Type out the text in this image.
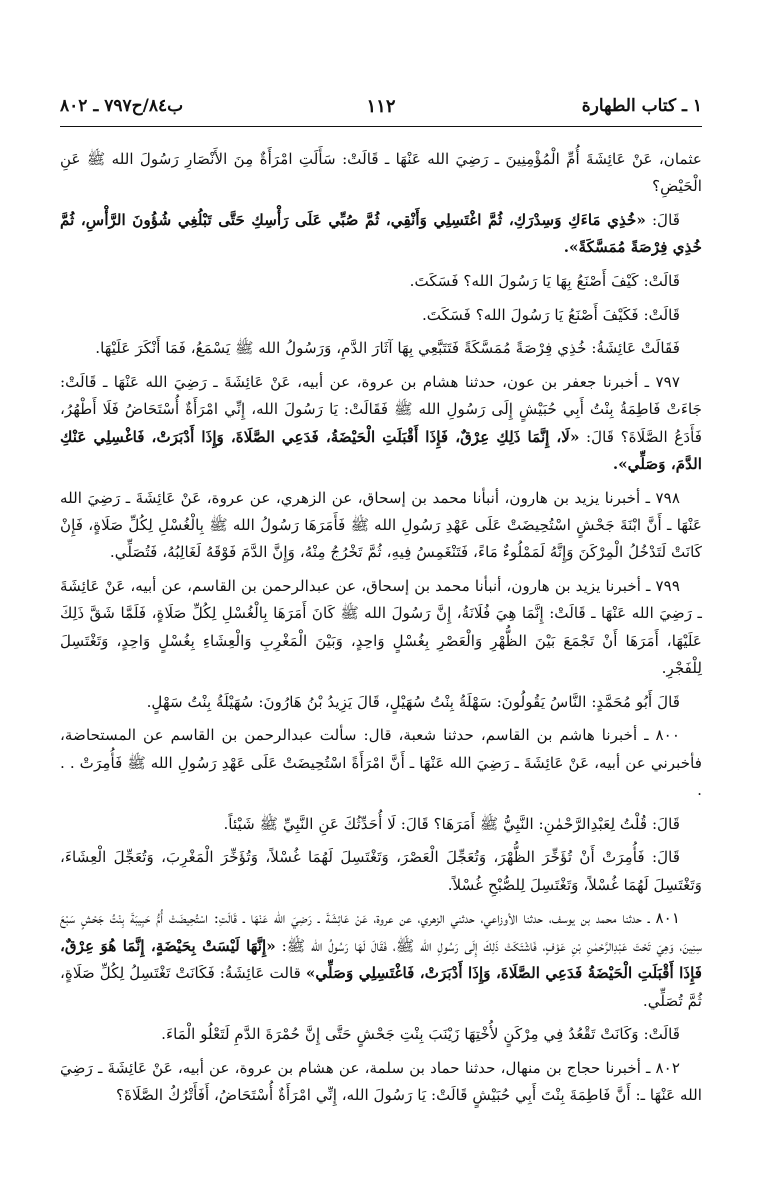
١ ـ كتاب الطهارة
١١٢
ب٨٤/ح٧٩٧ ـ ٨٠٢

عثمان، عَنْ عَائِشَةَ أُمِّ الْمُؤْمِنِينَ ـ رَضِيَ الله عَنْهَا ـ قَالَتْ: سَأَلَتِ امْرَأَةٌ مِنَ الأَنْصَارِ رَسُولَ الله ﷺ عَنِ الْحَيْضِ؟

قَالَ: «خُذِي مَاءَكِ وَسِدْرَكِ، ثُمَّ اغْتَسِلِي وَأَنْقِي، ثُمَّ صُبِّي عَلَى رَأْسِكِ حَتَّى تَبْلُغِي شُؤُونَ الرَّأْسِ، ثُمَّ خُذِي فِرْصَةً مُمَسَّكَةً».

قَالَتْ: كَيْفَ أَصْنَعُ بِهَا يَا رَسُولَ الله؟ فَسَكَتَ.

قَالَتْ: فَكَيْفَ أَصْنَعُ يَا رَسُولَ الله؟ فَسَكَتَ.

فَقَالَتْ عَائِشَةُ: خُذِي فِرْصَةً مُمَسَّكَةً فَتَتَبَّعِي بِهَا آثَارَ الدَّمِ، وَرَسُولُ الله ﷺ يَسْمَعُ، فَمَا أَنْكَرَ عَلَيْهَا.

٧٩٧ ـ أخبرنا جعفر بن عون، حدثنا هشام بن عروة، عن أبيه، عَنْ عَائِشَةَ ـ رَضِيَ الله عَنْهَا ـ قَالَتْ: جَاءَتْ فَاطِمَةُ بِنْتُ أَبِي حُبَيْشٍ إِلَى رَسُولِ الله ﷺ فَقَالَتْ: يَا رَسُولَ الله، إِنِّي امْرَأَةٌ أُسْتَحَاضُ فَلَا أَطْهُرُ، فَأَدَعُ الصَّلَاةَ؟ قَالَ: «لَا، إِنَّمَا ذَلِكِ عِرْقٌ، فَإِذَا أَقْبَلَتِ الْحَيْضَةُ، فَدَعِي الصَّلَاةَ، وَإِذَا أَدْبَرَتْ، فَاغْسِلِي عَنْكِ الدَّمَ، وَصَلِّي».

٧٩٨ ـ أخبرنا يزيد بن هارون، أنبأنا محمد بن إسحاق، عن الزهري، عن عروة، عَنْ عَائِشَةَ ـ رَضِيَ الله عَنْهَا ـ أَنَّ ابْنَةَ جَحْشٍ اسْتُحِيضَتْ عَلَى عَهْدِ رَسُولِ الله ﷺ فَأَمَرَهَا رَسُولُ الله ﷺ بِالْغُسْلِ لِكُلِّ صَلَاةٍ، فَإِنْ كَانَتْ لَتَدْخُلُ الْمِرْكَنَ وَإِنَّهُ لَمَمْلُوءٌ مَاءً، فَتَنْغَمِسُ فِيهِ، ثُمَّ تَخْرُجُ مِنْهُ، وَإِنَّ الدَّمَ فَوْقَهُ لَغَالِبُهُ، فَتُصَلِّي.

٧٩٩ ـ أخبرنا يزيد بن هارون، أنبأنا محمد بن إسحاق، عن عبدالرحمن بن القاسم، عن أبيه، عَنْ عَائِشَةَ ـ رَضِيَ الله عَنْهَا ـ قَالَتْ: إِنَّمَا هِيَ فُلَانَةُ، إِنَّ رَسُولَ الله ﷺ كَانَ أَمَرَهَا بِالْغُسْلِ لِكُلِّ صَلَاةٍ، فَلَمَّا شَقَّ ذَلِكَ عَلَيْهَا، أَمَرَهَا أَنْ تَجْمَعَ بَيْنَ الظُّهْرِ وَالْعَصْرِ بِغُسْلٍ وَاحِدٍ، وَبَيْنَ الْمَغْرِبِ وَالْعِشَاءِ بِغُسْلٍ وَاحِدٍ، وَتَغْتَسِلَ لِلْفَجْرِ.

قَالَ أَبُو مُحَمَّدٍ: النَّاسُ يَقُولُونَ: سَهْلَةُ بِنْتُ سُهَيْلٍ، قَالَ يَزِيدُ بْنُ هَارُونَ: سُهَيْلَةُ بِنْتُ سَهْلٍ.

٨٠٠ ـ أخبرنا هاشم بن القاسم، حدثنا شعبة، قال: سألت عبدالرحمن بن القاسم عن المستحاضة، فأخبرني عن أبيه، عَنْ عَائِشَةَ ـ رَضِيَ الله عَنْهَا ـ أَنَّ امْرَأَةً اسْتُحِيضَتْ عَلَى عَهْدِ رَسُولِ الله ﷺ فَأُمِرَتْ . . .

قَالَ: قُلْتُ لِعَبْدِالرَّحْمٰنِ: النَّبِيُّ ﷺ أَمَرَهَا؟ قَالَ: لَا أُحَدِّثُكَ عَنِ النَّبِيِّ ﷺ شَيْئاً.

قَالَ: فَأُمِرَتْ أَنْ تُؤَخِّرَ الظُّهْرَ، وَتُعَجِّلَ الْعَصْرَ، وَتَغْتَسِلَ لَهُمَا غُسْلاً، وَتُؤَخِّرَ الْمَغْرِبَ، وَتُعَجِّلَ الْعِشَاءَ، وَتَغْتَسِلَ لَهُمَا غُسْلاً، وَتَغْتَسِلَ لِلصُّبْحِ غُسْلاً.

٨٠١ ـ حدثنا محمد بن يوسف، حدثنا الأوزاعي، حدثني الزهري، عن عروة، عَنْ عَائِشَةَ ـ رَضِيَ الله عَنْهَا ـ قَالَتِ: اسْتُحِيضَتْ أُمُّ حَبِيبَةَ بِنْتُ جَحْشٍ سَبْعَ سِنِينَ، وَهِيَ تَحْتَ عَبْدِالرَّحْمٰنِ بْنِ عَوْفٍ، فَاشْتَكَتْ ذَلِكَ إِلَى رَسُولِ الله ﷺ، فَقَالَ لَهَا رَسُولُ الله ﷺ: «إِنَّهَا لَيْسَتْ بِحَيْضَةٍ، إِنَّمَا هُوَ عِرْقٌ، فَإِذَا أَقْبَلَتِ الْحَيْضَةُ فَدَعِي الصَّلَاةَ، وَإِذَا أَدْبَرَتْ، فَاغْتَسِلِي وَصَلِّي» قالت عَائِشَةُ: فَكَانَتْ تَغْتَسِلُ لِكُلِّ صَلَاةٍ، ثُمَّ تُصَلِّي.

قَالَتْ: وَكَانَتْ تَقْعُدُ فِي مِرْكَنٍ لأُخْتِهَا زَيْنَبَ بِنْتِ جَحْشٍ حَتَّى إِنَّ حُمْرَةَ الدَّمِ لَتَعْلُو الْمَاءَ.

٨٠٢ ـ أخبرنا حجاج بن منهال، حدثنا حماد بن سلمة، عن هشام بن عروة، عن أبيه، عَنْ عَائِشَةَ ـ رَضِيَ الله عَنْهَا ـ: أَنَّ فَاطِمَةَ بِنْتَ أَبِي حُبَيْشٍ قَالَتْ: يَا رَسُولَ الله، إِنِّي امْرَأَةٌ أُسْتَحَاضُ، أَفَأَتْرُكُ الصَّلَاةَ؟
